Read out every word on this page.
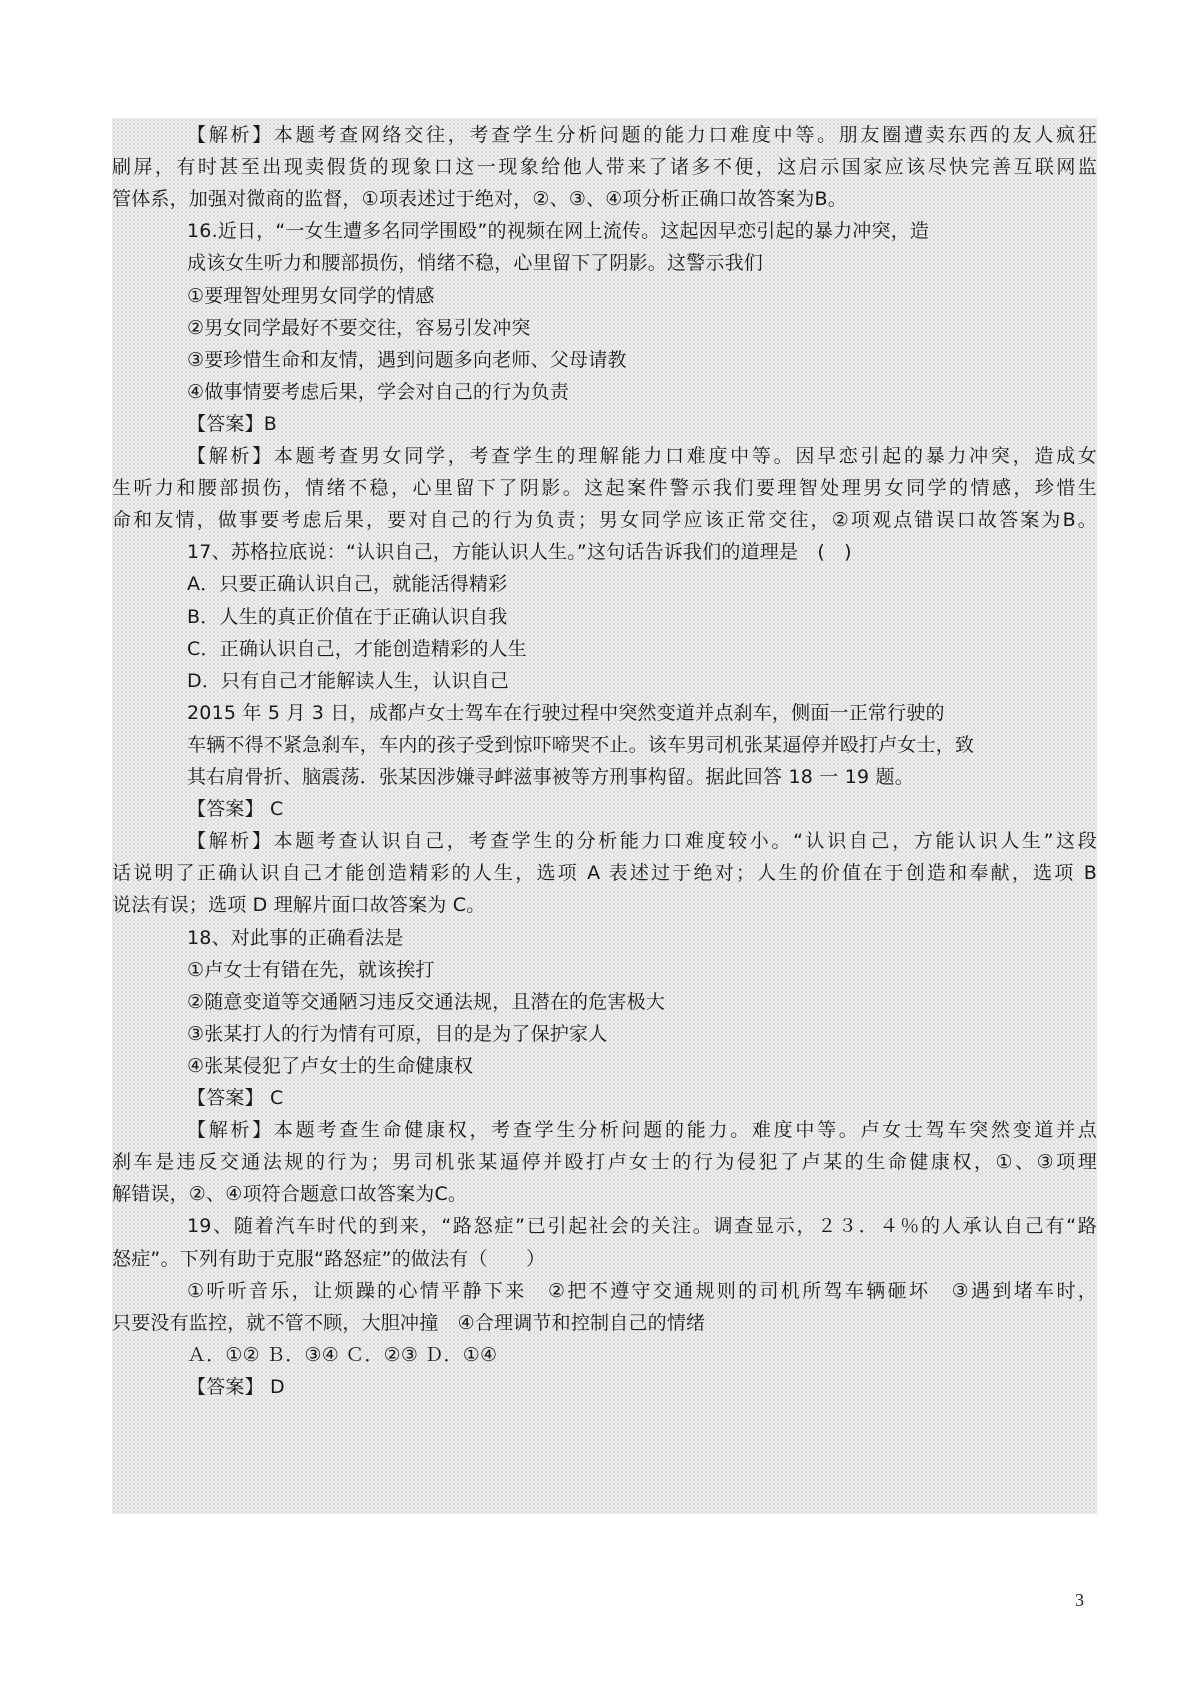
【解析】本题考查网络交往，考查学生分析问题的能力口难度中等。朋友圈遭卖东西的友人疯狂
刷屏，有时甚至出现卖假货的现象口这一现象给他人带来了诸多不便，这启示国家应该尽快完善互联网监
管体系，加强对微商的监督，①项表述过于绝对，②、③、④项分析正确口故答案为B。
16.近日，“一女生遭多名同学围殴”的视频在网上流传。这起因早恋引起的暴力冲突，造
成该女生听力和腰部损伤，悄绪不稳，心里留下了阴影。这警示我们
①要理智处理男女同学的情感
②男女同学最好不要交往，容易引发冲突
③要珍惜生命和友情，遇到问题多向老师、父母请教
④做事情要考虑后果，学会对自己的行为负责
【答案】B
【解析】本题考查男女同学，考查学生的理解能力口难度中等。因早恋引起的暴力冲突，造成女
生听力和腰部损伤，情绪不稳，心里留下了阴影。这起案件警示我们要理智处理男女同学的情感，珍惜生
命和友情，做事要考虑后果，要对自己的行为负责；男女同学应该正常交往，②项观点错误口故答案为B。
17、苏格拉底说：“认识自己，方能认识人生。”这句话告诉我们的道理是　(　)
A．只要正确认识自己，就能活得精彩
B．人生的真正价值在于正确认识自我
C．正确认识自己，才能创造精彩的人生
D．只有自己才能解读人生，认识自己
2015 年 5 月 3 日，成都卢女士驾车在行驶过程中突然变道并点刹车，侧面一正常行驶的
车辆不得不紧急刹车，车内的孩子受到惊吓啼哭不止。该车男司机张某逼停并殴打卢女士，致
其右肩骨折、脑震荡．张某因涉嫌寻衅滋事被等方刑事构留。据此回答 18 一 19 题。
【答案】 C
【解析】本题考查认识自己，考查学生的分析能力口难度较小。“认识自己，方能认识人生”这段
话说明了正确认识自己才能创造精彩的人生，选项 A 表述过于绝对；人生的价值在于创造和奉献，选项 B
说法有误；选项 D 理解片面口故答案为 C。
18、对此事的正确看法是
①卢女士有错在先，就该挨打
②随意变道等交通陋习违反交通法规，且潜在的危害极大
③张某打人的行为情有可原，目的是为了保护家人
④张某侵犯了卢女士的生命健康权
【答案】 C
【解析】本题考查生命健康权，考查学生分析问题的能力。难度中等。卢女士驾车突然变道并点
刹车是违反交通法规的行为；男司机张某逼停并殴打卢女士的行为侵犯了卢某的生命健康权，①、③项理
解错误，②、④项符合题意口故答案为C。
19、随着汽车时代的到来，“路怒症”已引起社会的关注。调查显示，２３．４％的人承认自己有“路
怒症”。下列有助于克服“路怒症”的做法有（　　）
①听听音乐，让烦躁的心情平静下来　②把不遵守交通规则的司机所驾车辆砸坏　③遇到堵车时，
只要没有监控，就不管不顾，大胆冲撞　④合理调节和控制自己的情绪
Ａ．①② Ｂ．③④ Ｃ．②③ Ｄ．①④
【答案】 D
3
